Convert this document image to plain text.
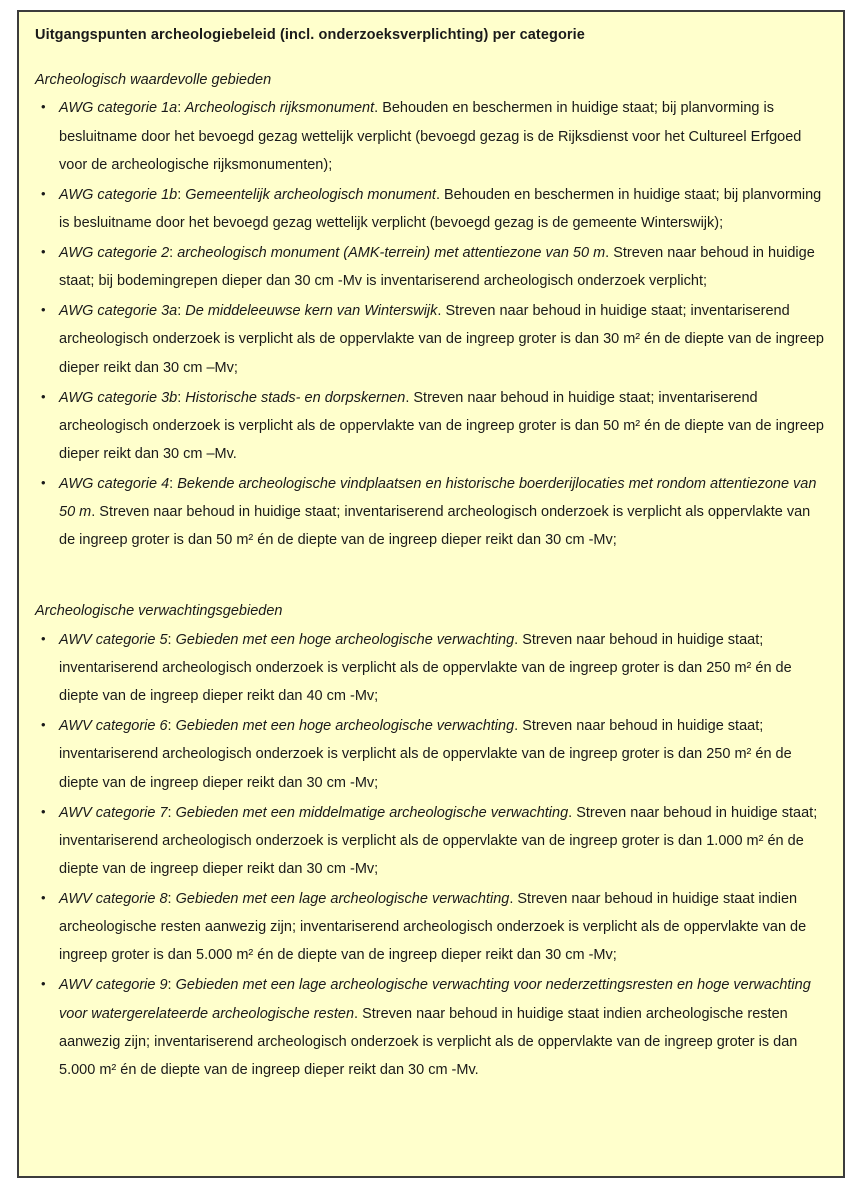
Uitgangspunten archeologiebeleid (incl. onderzoeksverplichting) per categorie
Archeologisch waardevolle gebieden
• AWG categorie 1a: Archeologisch rijksmonument. Behouden en beschermen in huidige staat; bij planvorming is besluitname door het bevoegd gezag wettelijk verplicht (bevoegd gezag is de Rijksdienst voor het Cultureel Erfgoed voor de archeologische rijksmonumenten);
• AWG categorie 1b: Gemeentelijk archeologisch monument. Behouden en beschermen in huidige staat; bij planvorming is besluitname door het bevoegd gezag wettelijk verplicht (bevoegd gezag is de gemeente Winterswijk);
• AWG categorie 2: archeologisch monument (AMK-terrein) met attentiezone van 50 m. Streven naar behoud in huidige staat; bij bodemingrepen dieper dan 30 cm -Mv is inventariserend archeologisch onderzoek verplicht;
• AWG categorie 3a: De middeleeuwse kern van Winterswijk. Streven naar behoud in huidige staat; inventariserend archeologisch onderzoek is verplicht als de oppervlakte van de ingreep groter is dan 30 m² én de diepte van de ingreep dieper reikt dan 30 cm –Mv;
• AWG categorie 3b: Historische stads- en dorpskernen. Streven naar behoud in huidige staat; inventariserend archeologisch onderzoek is verplicht als de oppervlakte van de ingreep groter is dan 50 m² én de diepte van de ingreep dieper reikt dan 30 cm –Mv.
• AWG categorie 4: Bekende archeologische vindplaatsen en historische boerderijlocaties met rondom attentiezone van 50 m. Streven naar behoud in huidige staat; inventariserend archeologisch onderzoek is verplicht als oppervlakte van de ingreep groter is dan 50 m² én de diepte van de ingreep dieper reikt dan 30 cm -Mv;
Archeologische verwachtingsgebieden
• AWV categorie 5: Gebieden met een hoge archeologische verwachting. Streven naar behoud in huidige staat; inventariserend archeologisch onderzoek is verplicht als de oppervlakte van de ingreep groter is dan 250 m² én de diepte van de ingreep dieper reikt dan 40 cm -Mv;
• AWV categorie 6: Gebieden met een hoge archeologische verwachting. Streven naar behoud in huidige staat; inventariserend archeologisch onderzoek is verplicht als de oppervlakte van de ingreep groter is dan 250 m² én de diepte van de ingreep dieper reikt dan 30 cm -Mv;
• AWV categorie 7: Gebieden met een middelmatige archeologische verwachting. Streven naar behoud in huidige staat; inventariserend archeologisch onderzoek is verplicht als de oppervlakte van de ingreep groter is dan 1.000 m² én de diepte van de ingreep dieper reikt dan 30 cm -Mv;
• AWV categorie 8: Gebieden met een lage archeologische verwachting. Streven naar behoud in huidige staat indien archeologische resten aanwezig zijn; inventariserend archeologisch onderzoek is verplicht als de oppervlakte van de ingreep groter is dan 5.000 m² én de diepte van de ingreep dieper reikt dan 30 cm -Mv;
• AWV categorie 9: Gebieden met een lage archeologische verwachting voor nederzettingsresten en hoge verwachting voor watergerelateerde archeologische resten. Streven naar behoud in huidige staat indien archeologische resten aanwezig zijn; inventariserend archeologisch onderzoek is verplicht als de oppervlakte van de ingreep groter is dan 5.000 m² én de diepte van de ingreep dieper reikt dan 30 cm -Mv.
